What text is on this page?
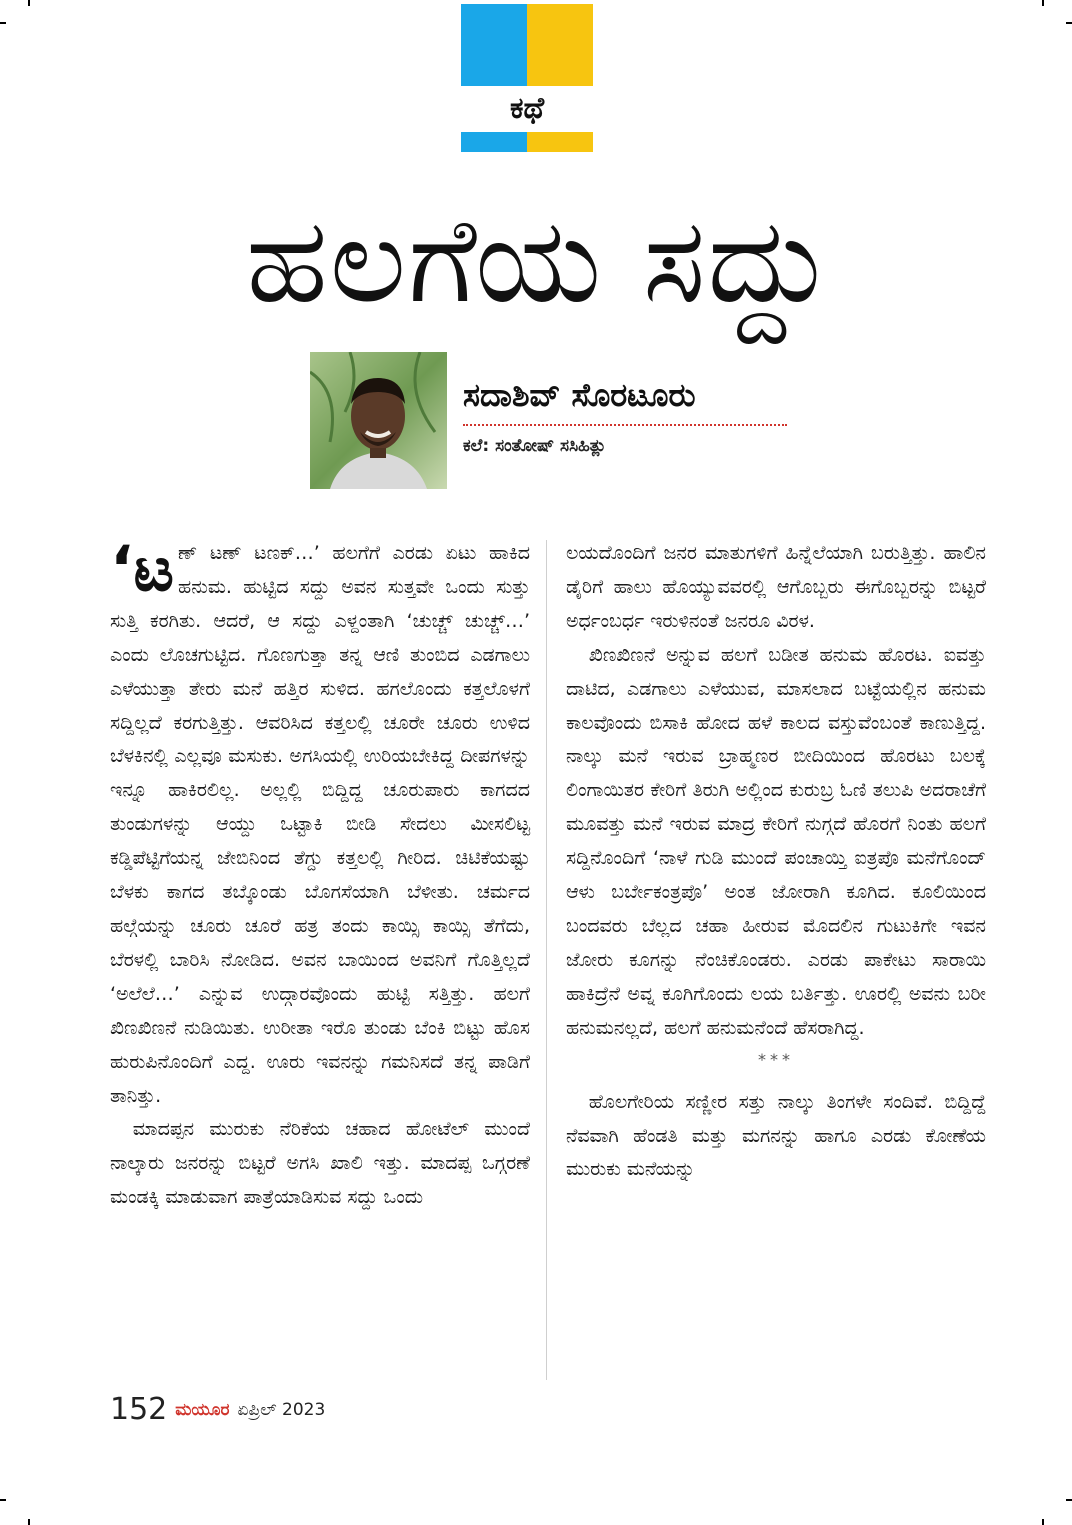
ಕಥೆ
ಹಲಗೆಯ ಸದ್ದು
ಸದಾಶಿವ್ ಸೊರಟೂರು
ಕಲೆ: ಸಂತೋಷ್ ಸಸಿಹಿತ್ಲು

‘ಟಣ್ ಟಣ್ ಟಣಕ್…’ ಹಲಗೆಗೆ ಎರಡು ಏಟು ಹಾಕಿದ ಹನುಮ. ಹುಟ್ಟಿದ ಸದ್ದು ಅವನ ಸುತ್ತವೇ ಒಂದು ಸುತ್ತು ಸುತ್ತಿ ಕರಗಿತು. ಆದರೆ, ಆ ಸದ್ದು ಎಳ್ದಂತಾಗಿ ‘ಚುಚ್ಚ್ ಚುಚ್ಚ್…’ ಎಂದು ಲೊಚಗುಟ್ಟಿದ. ಗೊಣಗುತ್ತಾ ತನ್ನ ಆಣಿ ತುಂಬಿದ ಎಡಗಾಲು ಎಳೆಯುತ್ತಾ ತೇರು ಮನೆ ಹತ್ತಿರ ಸುಳಿದ. ಹಗಲೊಂದು ಕತ್ತಲೊಳಗೆ ಸದ್ದಿಲ್ಲದೆ ಕರಗುತ್ತಿತ್ತು. ಆವರಿಸಿದ ಕತ್ತಲಲ್ಲಿ ಚೂರೇ ಚೂರು ಉಳಿದ ಬೆಳಕಿನಲ್ಲಿ ಎಲ್ಲವೂ ಮಸುಕು. ಅಗಸಿಯಲ್ಲಿ ಉರಿಯಬೇಕಿದ್ದ ದೀಪಗಳನ್ನು ಇನ್ನೂ ಹಾಕಿರಲಿಲ್ಲ. ಅಲ್ಲಲ್ಲಿ ಬಿದ್ದಿದ್ದ ಚೂರುಪಾರು ಕಾಗದದ ತುಂಡುಗಳನ್ನು ಆಯ್ದು ಒಟ್ಟಾಕಿ ಬೀಡಿ ಸೇದಲು ಮೀಸಲಿಟ್ಟ ಕಡ್ಡಿಪೆಟ್ಟಿಗೆಯನ್ನ ಜೇಬಿನಿಂದ ತೆಗ್ದು ಕತ್ತಲಲ್ಲಿ ಗೀರಿದ. ಚಿಟಿಕೆಯಷ್ಟು ಬೆಳಕು ಕಾಗದ ತಬ್ಕೊಂಡು ಬೊಗಸೆಯಾಗಿ ಬೆಳೀತು. ಚರ್ಮದ ಹಲ್ಗೆಯನ್ನು ಚೂರು ಚೂರೆ ಹತ್ರ ತಂದು ಕಾಯ್ಸಿ ಕಾಯ್ಸಿ ತೆಗೆದು, ಬೆರಳಲ್ಲಿ ಬಾರಿಸಿ ನೋಡಿದ. ಅವನ ಬಾಯಿಂದ ಅವನಿಗೆ ಗೊತ್ತಿಲ್ಲದೆ ‘ಅಲೆಲೆ…’ ಎನ್ನುವ ಉದ್ಗಾರವೊಂದು ಹುಟ್ಟಿ ಸತ್ತಿತ್ತು. ಹಲಗೆ ಖಿಣಖಿಣನೆ ನುಡಿಯಿತು. ಉರೀತಾ ಇರೊ ತುಂಡು ಬೆಂಕಿ ಬಿಟ್ಟು ಹೊಸ ಹುರುಪಿನೊಂದಿಗೆ ಎದ್ದ. ಊರು ಇವನನ್ನು ಗಮನಿಸದೆ ತನ್ನ ಪಾಡಿಗೆ ತಾನಿತ್ತು.

ಮಾದಪ್ಪನ ಮುರುಕು ನೆರಿಕೆಯ ಚಹಾದ ಹೋಟೆಲ್ ಮುಂದೆ ನಾಲ್ಕಾರು ಜನರನ್ನು ಬಿಟ್ಟರೆ ಅಗಸಿ ಖಾಲಿ ಇತ್ತು. ಮಾದಪ್ಪ ಒಗ್ಗರಣೆ ಮಂಡಕ್ಕಿ ಮಾಡುವಾಗ ಪಾತ್ರೆಯಾಡಿಸುವ ಸದ್ದು ಒಂದು

ಲಯದೊಂದಿಗೆ ಜನರ ಮಾತುಗಳಿಗೆ ಹಿನ್ನೆಲೆಯಾಗಿ ಬರುತ್ತಿತ್ತು. ಹಾಲಿನ ಡೈರಿಗೆ ಹಾಲು ಹೊಯ್ಯುವವರಲ್ಲಿ ಆಗೊಬ್ಬರು ಈಗೊಬ್ಬರನ್ನು ಬಿಟ್ಟರೆ ಅರ್ಧಂಬರ್ಧ ಇರುಳಿನಂತೆ ಜನರೂ ವಿರಳ.

ಖಿಣಖಿಣನೆ ಅನ್ನುವ ಹಲಗೆ ಬಡೀತ ಹನುಮ ಹೊರಟ. ಐವತ್ತು ದಾಟಿದ, ಎಡಗಾಲು ಎಳೆಯುವ, ಮಾಸಲಾದ ಬಟ್ಟೆಯಲ್ಲಿನ ಹನುಮ ಕಾಲವೊಂದು ಬಿಸಾಕಿ ಹೋದ ಹಳೆ ಕಾಲದ ವಸ್ತುವೆಂಬಂತೆ ಕಾಣುತ್ತಿದ್ದ. ನಾಲ್ಕು ಮನೆ ಇರುವ ಬ್ರಾಹ್ಮಣರ ಬೀದಿಯಿಂದ ಹೊರಟು ಬಲಕ್ಕೆ ಲಿಂಗಾಯಿತರ ಕೇರಿಗೆ ತಿರುಗಿ ಅಲ್ಲಿಂದ ಕುರುಬ್ರ ಓಣಿ ತಲುಪಿ ಅದರಾಚೆಗೆ ಮೂವತ್ತು ಮನೆ ಇರುವ ಮಾದ್ರ ಕೇರಿಗೆ ನುಗ್ಗದೆ ಹೊರಗೆ ನಿಂತು ಹಲಗೆ ಸದ್ದಿನೊಂದಿಗೆ ‘ನಾಳೆ ಗುಡಿ ಮುಂದೆ ಪಂಚಾಯ್ತಿ ಐತ್ರಪೊ ಮನೆಗೊಂದ್ ಆಳು ಬರ್ಬೇಕಂತ್ರಪೊ’ ಅಂತ ಜೋರಾಗಿ ಕೂಗಿದ. ಕೂಲಿಯಿಂದ ಬಂದವರು ಬೆಲ್ಲದ ಚಹಾ ಹೀರುವ ಮೊದಲಿನ ಗುಟುಕಿಗೇ ಇವನ ಜೋರು ಕೂಗನ್ನು ನೆಂಚಿಕೊಂಡರು. ಎರಡು ಪಾಕೇಟು ಸಾರಾಯಿ ಹಾಕಿದ್ರೆನೆ ಅವ್ನ ಕೂಗಿಗೊಂದು ಲಯ ಬರ್ತಿತ್ತು. ಊರಲ್ಲಿ ಅವನು ಬರೀ ಹನುಮನಲ್ಲದೆ, ಹಲಗೆ ಹನುಮನೆಂದೆ ಹೆಸರಾಗಿದ್ದ.

***

ಹೊಲಗೇರಿಯ ಸಣ್ಣೀರ ಸತ್ತು ನಾಲ್ಕು ತಿಂಗಳೇ ಸಂದಿವೆ. ಬಿದ್ದಿದ್ದೆ ನೆವವಾಗಿ ಹೆಂಡತಿ ಮತ್ತು ಮಗನನ್ನು ಹಾಗೂ ಎರಡು ಕೋಣೆಯ ಮುರುಕು ಮನೆಯನ್ನು

152 ಮಯೂರ ಏಪ್ರಿಲ್ 2023
